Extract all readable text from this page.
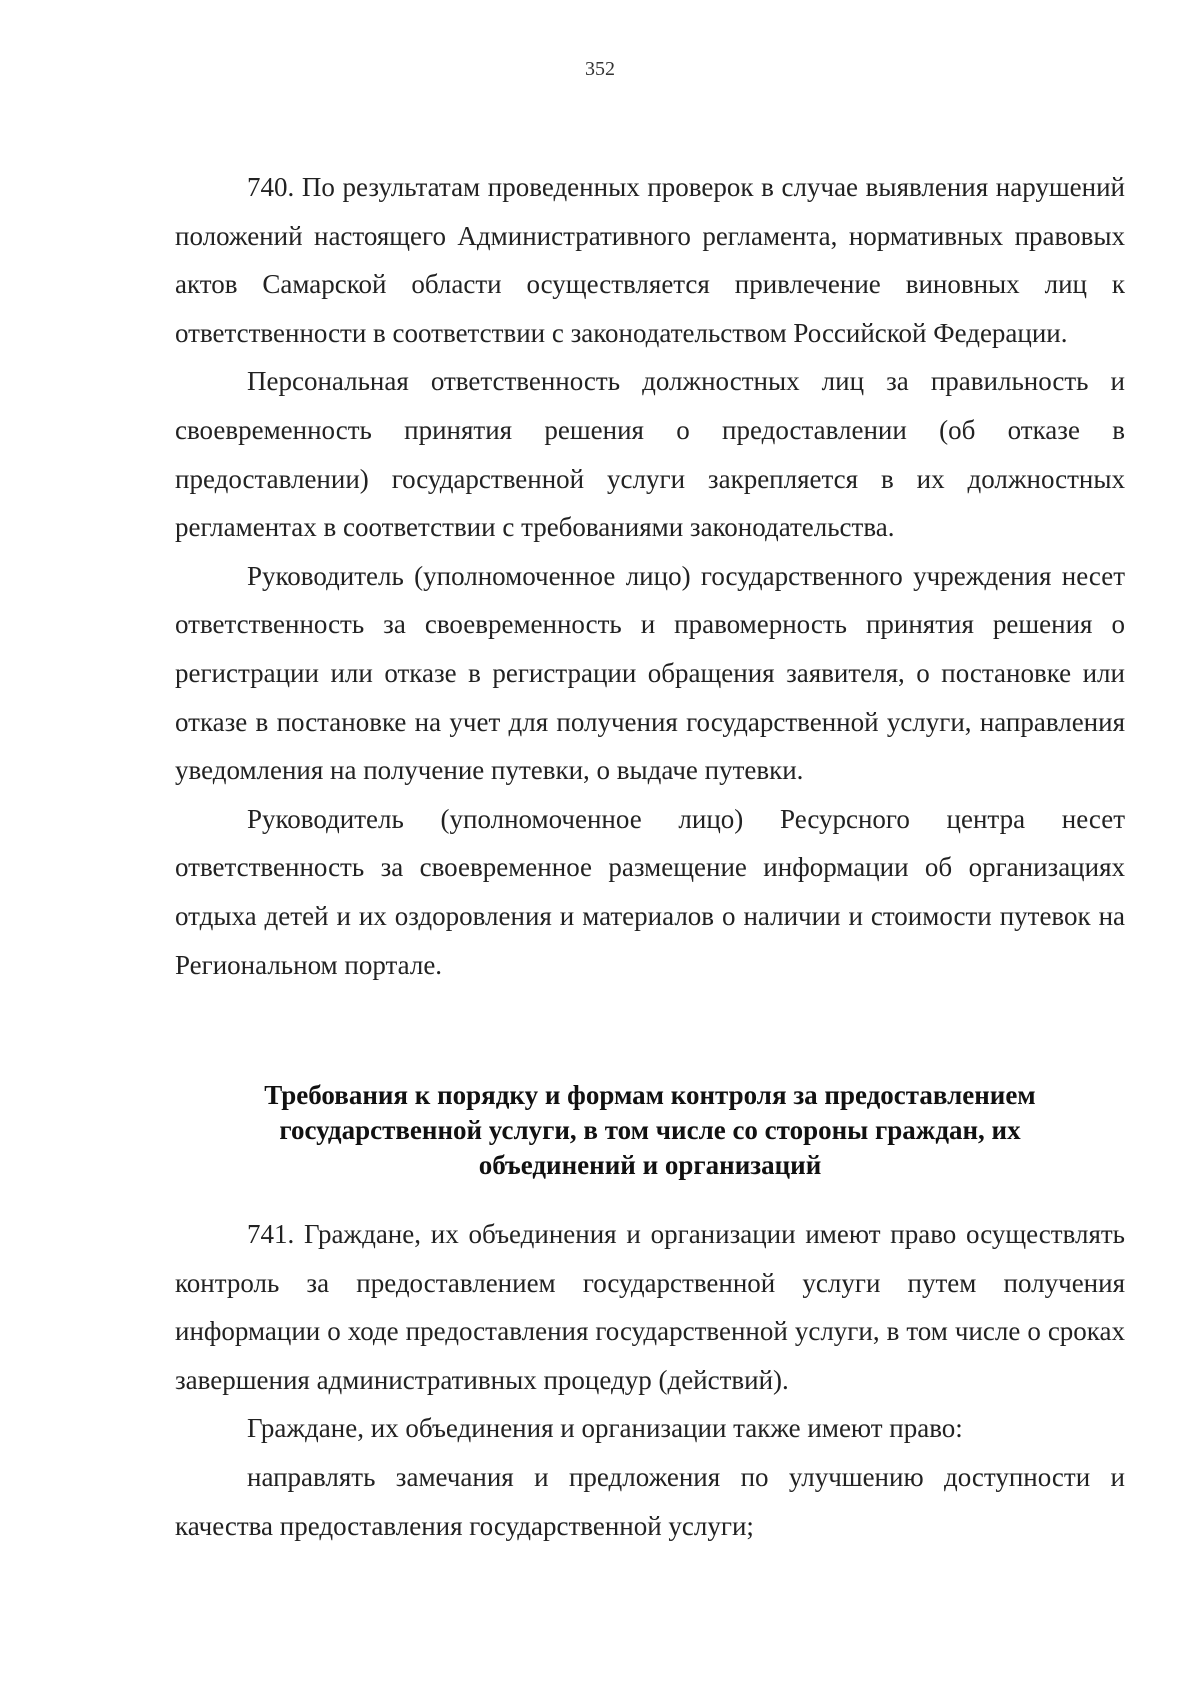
352

740. По результатам проведенных проверок в случае выявления нарушений положений настоящего Административного регламента, нормативных правовых актов Самарской области осуществляется привлечение виновных лиц к ответственности в соответствии с законодательством Российской Федерации.

Персональная ответственность должностных лиц за правильность и своевременность принятия решения о предоставлении (об отказе в предоставлении) государственной услуги закрепляется в их должностных регламентах в соответствии с требованиями законодательства.

Руководитель (уполномоченное лицо) государственного учреждения несет ответственность за своевременность и правомерность принятия решения о регистрации или отказе в регистрации обращения заявителя, о постановке или отказе в постановке на учет для получения государственной услуги, направления уведомления на получение путевки, о выдаче путевки.

Руководитель (уполномоченное лицо) Ресурсного центра несет ответственность за своевременное размещение информации об организациях отдыха детей и их оздоровления и материалов о наличии и стоимости путевок на Региональном портале.

Требования к порядку и формам контроля за предоставлением
государственной услуги, в том числе со стороны граждан, их
объединений и организаций

741. Граждане, их объединения и организации имеют право осуществлять контроль за предоставлением государственной услуги путем получения информации о ходе предоставления государственной услуги, в том числе о сроках завершения административных процедур (действий).

Граждане, их объединения и организации также имеют право:

направлять замечания и предложения по улучшению доступности и качества предоставления государственной услуги;
